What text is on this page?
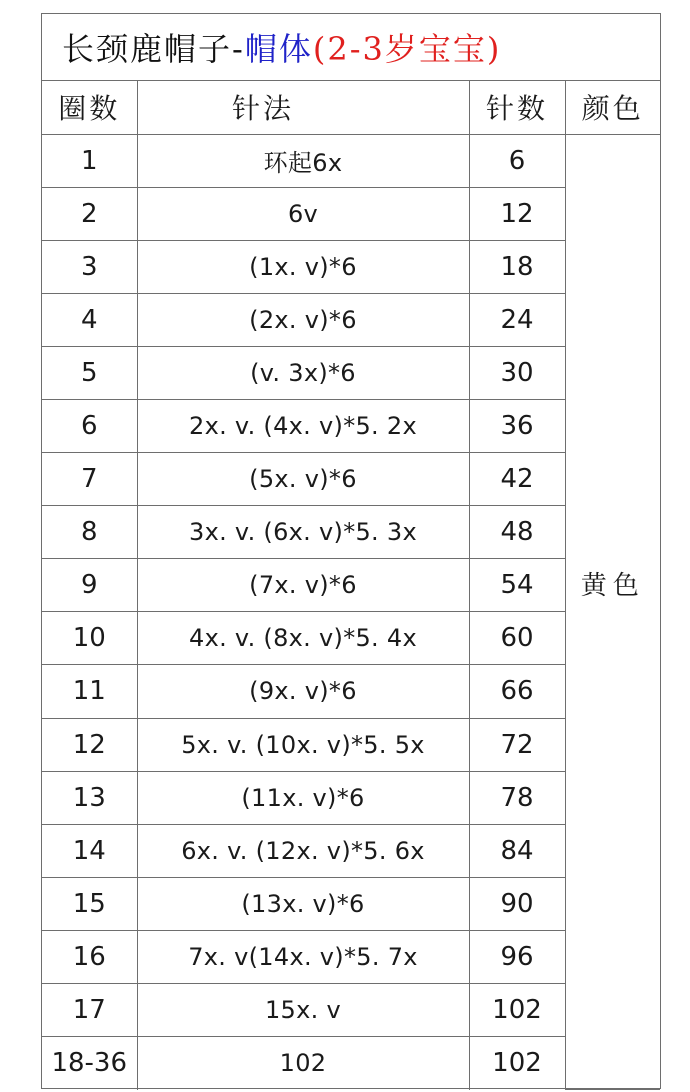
长颈鹿帽子-帽体(2-3岁宝宝)
圈数	针法	针数	颜色
1	环起6x	6	黄色

2	6v	12	
3	(1x. v)*6	18	
4	(2x. v)*6	24	
5	(v. 3x)*6	30	
6	2x. v. (4x. v)*5. 2x	36	
7	(5x. v)*6	42	
8	3x. v. (6x. v)*5. 3x	48	
9	(7x. v)*6	54	
10	4x. v. (8x. v)*5. 4x	60	
11	(9x. v)*6	66	
12	5x. v. (10x. v)*5. 5x	72	
13	(11x. v)*6	78	
14	6x. v. (12x. v)*5. 6x	84	
15	(13x. v)*6	90	
16	7x. v(14x. v)*5. 7x	96	
17	15x. v	102	
18-36	102	102	
